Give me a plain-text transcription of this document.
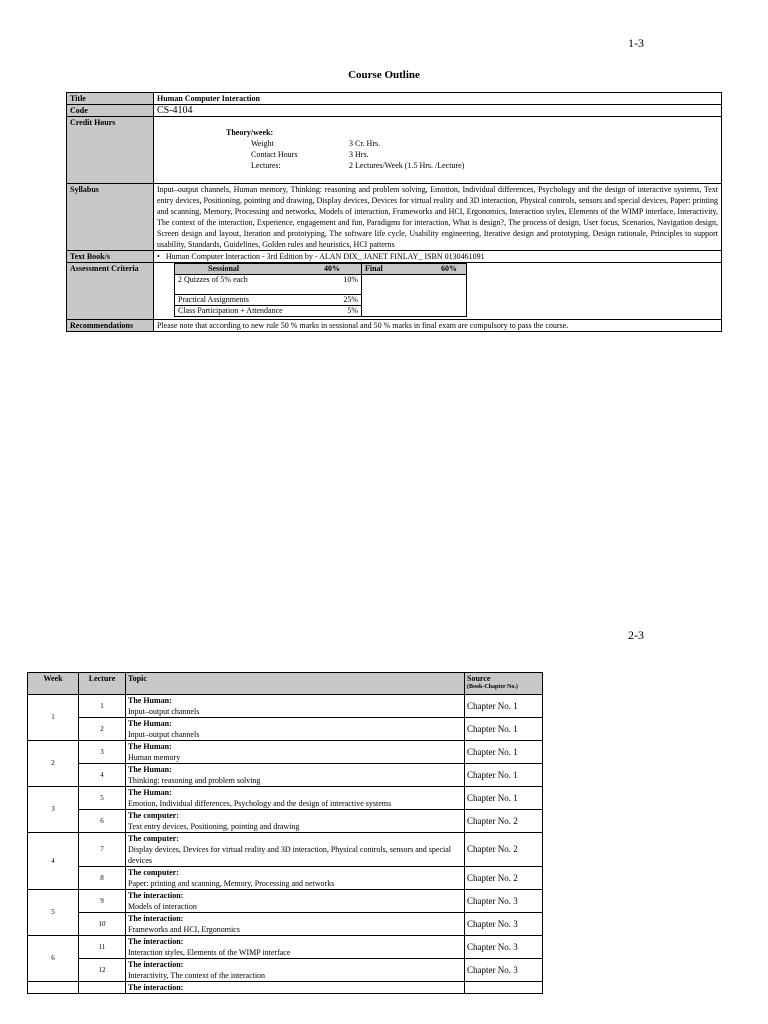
1-3
Course Outline
Title	Human Computer Interaction
Code	CS-4104
Credit Hours	
Theory/week:
Weight	3 Cr. Hrs.
Contact Hours	3 Hrs.
Lectures:	2 Lectures/Week (1.5 Hrs. /Lecture)

Syllabus	Input–output channels, Human memory, Thinking: reasoning and problem solving, Emotion, Individual differences, Psychology and the design of interactive systems, Text entry devices, Positioning, pointing and drawing, Display devices, Devices for virtual reality and 3D interaction, Physical controls, sensors and special devices, Paper: printing and scanning, Memory, Processing and networks, Models of interaction, Frameworks and HCI, Ergonomics, Interaction styles, Elements of the WIMP interface, Interactivity, The context of the interaction, Experience, engagement and fun, Paradigms for interaction, What is design?, The process of design, User focus, Scenarios, Navigation design, Screen design and layout, Iteration and prototyping, The software life cycle, Usability engineering, Iterative design and prototyping, Design rationale, Principles to support usability, Standards, Guidelines, Golden rules and heuristics, HCI patterns
Text Book/s	•   Human Computer Interaction - 3rd Edition by - ALAN DIX_ JANET FINLAY_ ISBN 0130461091
Assessment Criteria		Sessional	40%	Final	60%

2 Quizzes of 5% each	10%

Practical Assignments	25%

Class Participation + Attendance	5%

Recommendations	Please note that according to new rule 50 % marks in sessional and 50 % marks in final exam are compulsory to pass the course.
2-3
Week	Lecture	Topic	Source
(Book-Chapter No.)

1	1	The Human:
Input–output channels	Chapter No. 1
	2	The Human:
Input–output channels	Chapter No. 1
2	3	The Human:
Human memory	Chapter No. 1
	4	The Human:
Thinking: reasoning and problem solving	Chapter No. 1
3	5	The Human:
Emotion, Individual differences, Psychology and the design of interactive systems	Chapter No. 1
	6	The computer:
Text entry devices, Positioning, pointing and drawing	Chapter No. 2
4	7	The computer:
Display devices, Devices for virtual reality and 3D interaction, Physical controls, sensors and special devices	Chapter No. 2
	8	The computer:
Paper: printing and scanning, Memory, Processing and networks	Chapter No. 2
5	9	The interaction:
Models of interaction	Chapter No. 3
	10	The interaction:
Frameworks and HCI, Ergonomics	Chapter No. 3
6	11	The interaction:
Interaction styles, Elements of the WIMP interface	Chapter No. 3
	12	The interaction:
Interactivity, The context of the interaction	Chapter No. 3
		The interaction:
